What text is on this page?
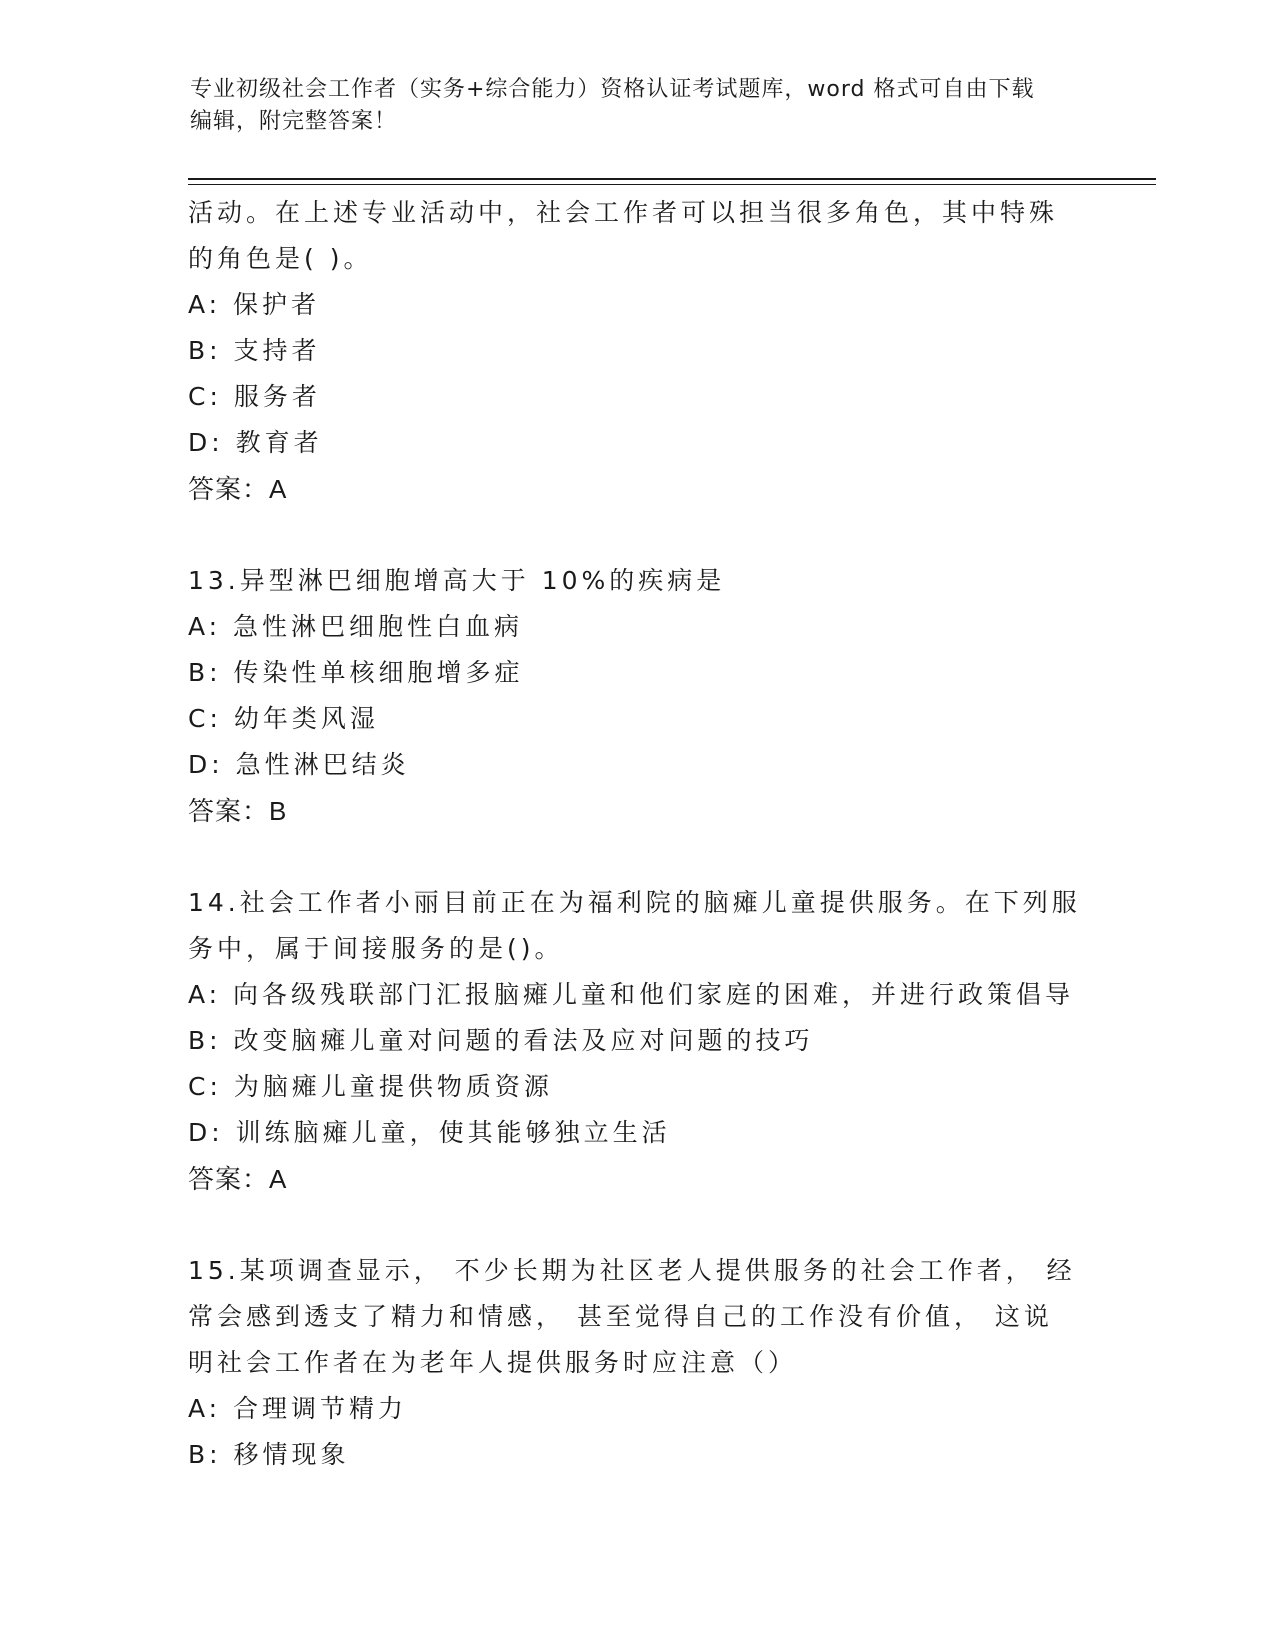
专业初级社会工作者（实务+综合能力）资格认证考试题库，word 格式可自由下载
编辑，附完整答案！
活动。在上述专业活动中，社会工作者可以担当很多角色，其中特殊
的角色是( )。
A: 保护者
B: 支持者
C: 服务者
D: 教育者
答案：A
13.异型淋巴细胞增高大于 10%的疾病是
A: 急性淋巴细胞性白血病
B: 传染性单核细胞增多症
C: 幼年类风湿
D: 急性淋巴结炎
答案：B
14.社会工作者小丽目前正在为福利院的脑瘫儿童提供服务。在下列服
务中，属于间接服务的是()。
A: 向各级残联部门汇报脑瘫儿童和他们家庭的困难，并进行政策倡导
B: 改变脑瘫儿童对问题的看法及应对问题的技巧
C: 为脑瘫儿童提供物质资源
D: 训练脑瘫儿童，使其能够独立生活
答案：A
15.某项调查显示， 不少长期为社区老人提供服务的社会工作者， 经
常会感到透支了精力和情感， 甚至觉得自己的工作没有价值， 这说
明社会工作者在为老年人提供服务时应注意（）
A: 合理调节精力
B: 移情现象
